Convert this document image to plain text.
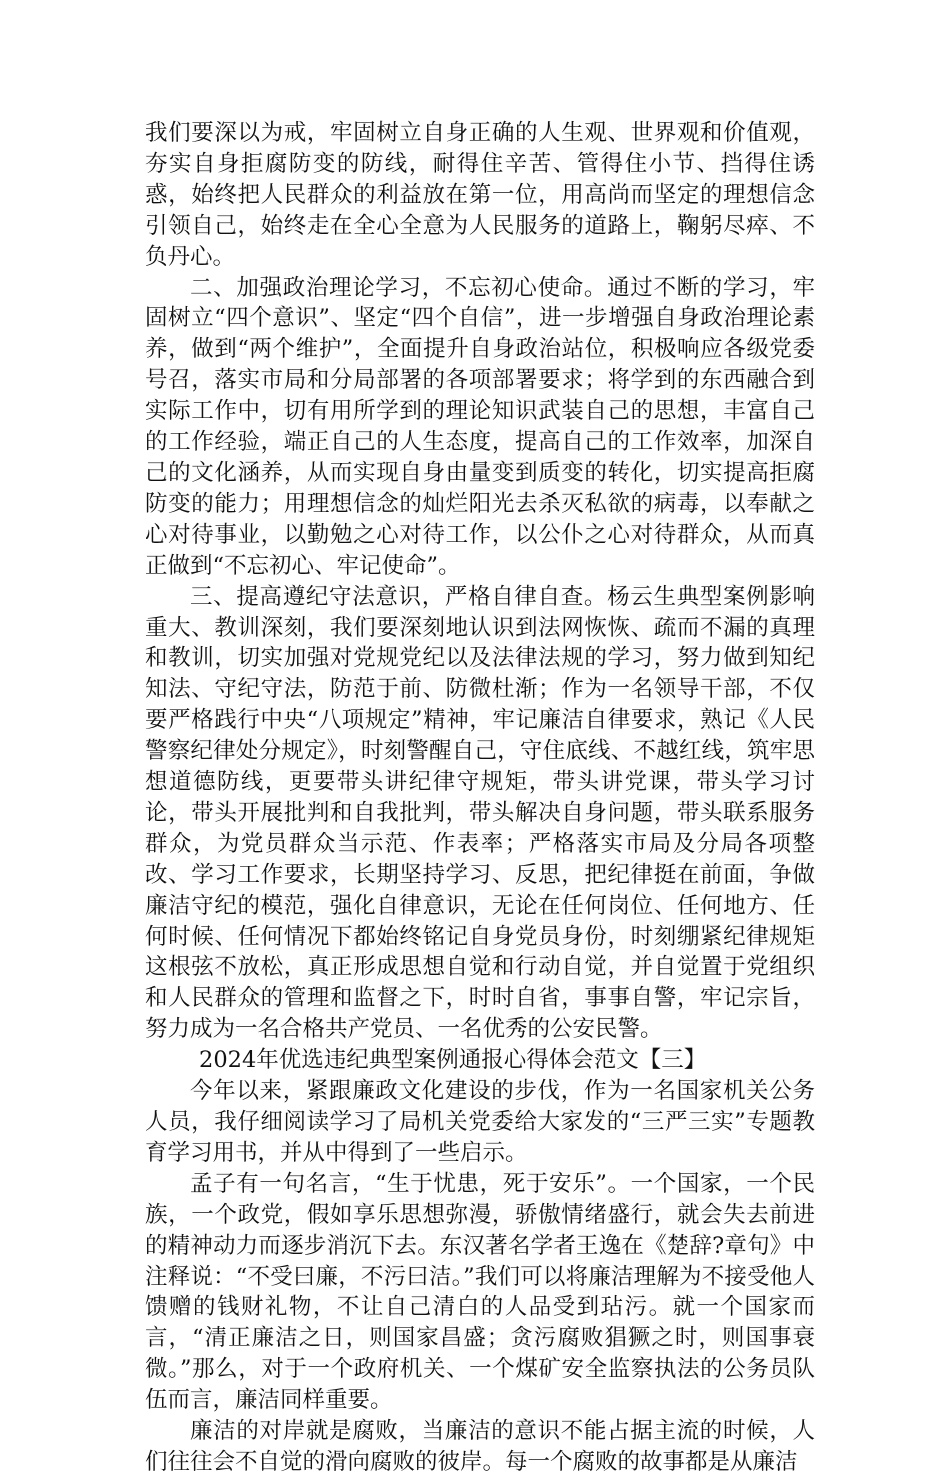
我们要深以为戒，牢固树立自身正确的人生观、世界观和价值观，夯实自身拒腐防变的防线，耐得住辛苦、管得住小节、挡得住诱惑，始终把人民群众的利益放在第一位，用高尚而坚定的理想信念引领自己，始终走在全心全意为人民服务的道路上，鞠躬尽瘁、不负丹心。

二、加强政治理论学习，不忘初心使命。通过不断的学习，牢固树立“四个意识”、坚定“四个自信”，进一步增强自身政治理论素养，做到“两个维护”，全面提升自身政治站位，积极响应各级党委号召，落实市局和分局部署的各项部署要求；将学到的东西融合到实际工作中，切有用所学到的理论知识武装自己的思想，丰富自己的工作经验，端正自己的人生态度，提高自己的工作效率，加深自己的文化涵养，从而实现自身由量变到质变的转化，切实提高拒腐防变的能力；用理想信念的灿烂阳光去杀灭私欲的病毒，以奉献之心对待事业，以勤勉之心对待工作，以公仆之心对待群众，从而真正做到“不忘初心、牢记使命”。

三、提高遵纪守法意识，严格自律自查。杨云生典型案例影响重大、教训深刻，我们要深刻地认识到法网恢恢、疏而不漏的真理和教训，切实加强对党规党纪以及法律法规的学习，努力做到知纪知法、守纪守法，防范于前、防微杜渐；作为一名领导干部，不仅要严格践行中央“八项规定”精神，牢记廉洁自律要求，熟记《人民警察纪律处分规定》，时刻警醒自己，守住底线、不越红线，筑牢思想道德防线，更要带头讲纪律守规矩，带头讲党课，带头学习讨论，带头开展批判和自我批判，带头解决自身问题，带头联系服务群众，为党员群众当示范、作表率；严格落实市局及分局各项整改、学习工作要求，长期坚持学习、反思，把纪律挺在前面，争做廉洁守纪的模范，强化自律意识，无论在任何岗位、任何地方、任何时候、任何情况下都始终铭记自身党员身份，时刻绷紧纪律规矩这根弦不放松，真正形成思想自觉和行动自觉，并自觉置于党组织和人民群众的管理和监督之下，时时自省，事事自警，牢记宗旨，努力成为一名合格共产党员、一名优秀的公安民警。

2024年优选违纪典型案例通报心得体会范文【三】

今年以来，紧跟廉政文化建设的步伐，作为一名国家机关公务人员，我仔细阅读学习了局机关党委给大家发的“三严三实”专题教育学习用书，并从中得到了一些启示。

孟子有一句名言，“生于忧患，死于安乐”。一个国家，一个民族，一个政党，假如享乐思想弥漫，骄傲情绪盛行，就会失去前进的精神动力而逐步消沉下去。东汉著名学者王逸在《楚辞?章句》中注释说：“不受曰廉，不污曰洁。”我们可以将廉洁理解为不接受他人馈赠的钱财礼物，不让自己清白的人品受到玷污。就一个国家而言，“清正廉洁之日，则国家昌盛；贪污腐败猖獗之时，则国事衰微。”那么，对于一个政府机关、一个煤矿安全监察执法的公务员队伍而言，廉洁同样重要。

廉洁的对岸就是腐败，当廉洁的意识不能占据主流的时候，人们往往会不自觉的滑向腐败的彼岸。每一个腐败的故事都是从廉洁
